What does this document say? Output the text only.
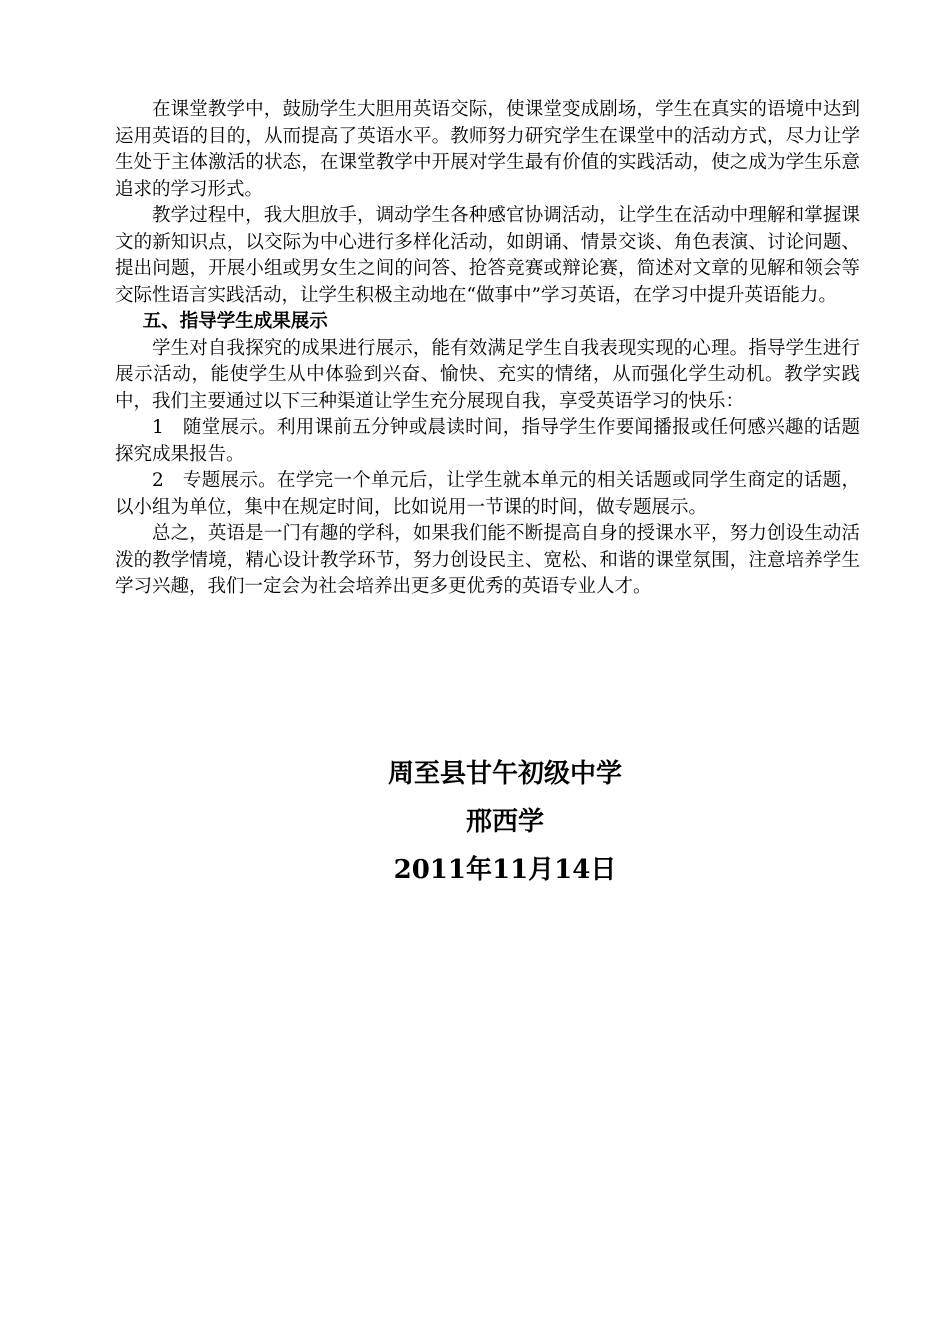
在课堂教学中，鼓励学生大胆用英语交际，使课堂变成剧场，学生在真实的语境中达到运用英语的目的，从而提高了英语水平。教师努力研究学生在课堂中的活动方式，尽力让学生处于主体激活的状态，在课堂教学中开展对学生最有价值的实践活动，使之成为学生乐意追求的学习形式。

教学过程中，我大胆放手，调动学生各种感官协调活动，让学生在活动中理解和掌握课文的新知识点，以交际为中心进行多样化活动，如朗诵、情景交谈、角色表演、讨论问题、提出问题，开展小组或男女生之间的问答、抢答竞赛或辩论赛，简述对文章的见解和领会等交际性语言实践活动，让学生积极主动地在“做事中”学习英语，在学习中提升英语能力。

五、指导学生成果展示

学生对自我探究的成果进行展示，能有效满足学生自我表现实现的心理。指导学生进行展示活动，能使学生从中体验到兴奋、愉快、充实的情绪，从而强化学生动机。教学实践中，我们主要通过以下三种渠道让学生充分展现自我，享受英语学习的快乐：

1　随堂展示。利用课前五分钟或晨读时间，指导学生作要闻播报或任何感兴趣的话题探究成果报告。

2　专题展示。在学完一个单元后，让学生就本单元的相关话题或同学生商定的话题，以小组为单位，集中在规定时间，比如说用一节课的时间，做专题展示。

总之，英语是一门有趣的学科，如果我们能不断提高自身的授课水平，努力创设生动活泼的教学情境，精心设计教学环节，努力创设民主、宽松、和谐的课堂氛围，注意培养学生学习兴趣，我们一定会为社会培养出更多更优秀的英语专业人才。

周至县甘午初级中学

邢西学

2011年11月14日
